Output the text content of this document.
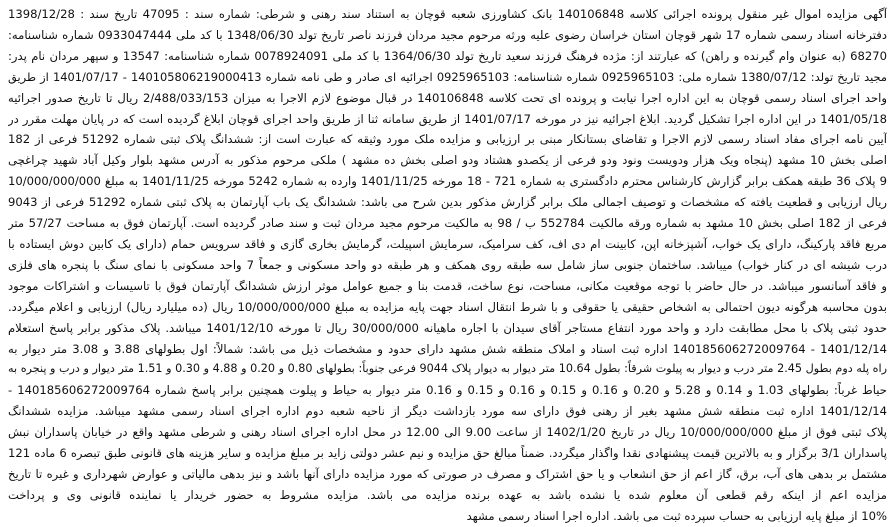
آگهی مزایده اموال غیر منقول پرونده اجرائی کلاسه 140106848 بانک کشاورزی شعبه قوچان به استناد سند رهنی و شرطی: شماره سند : 47095 تاریخ سند : 1398/12/28
دفترخانه اسناد رسمی شماره 17 شهر قوچان استان خراسان رضوی علیه ورثه مرحوم مجید مردان فرزند ناصر تاریخ تولد 1348/06/30 با کد ملی 0933047444 شماره شناسنامه:
68270 (به عنوان وام گیرنده و راهن) که عبارتند از: مژده فرهنگ فرزند سعید تاریخ تولد 1364/06/30 با کد ملی 0078924091 شماره شناسنامه: 13547 و سپهر مردان نام پدر:
مجید تاریخ تولد: 1380/07/12 شماره ملی: 0925965103 شماره شناسنامه: 0925965103 اجرائیه ای صادر و طی نامه شماره 140105806219000413 - 1401/07/17 از طریق
واحد اجرای اسناد رسمی قوچان به این اداره اجرا نیابت و پرونده ای تحت کلاسه 140106848 در قبال موضوع لازم الاجرا به میزان 2/488/033/153 ریال تا تاریخ صدور اجرائیه
1401/05/18 در این اداره اجرا تشکیل گردید. ابلاغ اجرائیه نیز در مورخه 1401/07/17 از طریق سامانه ثنا از طریق واحد اجرای قوچان ابلاغ گردیده است که در پایان مهلت مقرر در
آیین نامه اجرای مفاد اسناد رسمی لازم الاجرا و تقاضای بستانکار مبنی بر ارزیابی و مزایده ملک مورد وثیقه که عبارت است از: ششدانگ پلاک ثبتی شماره 51292 فرعی از 182
اصلی بخش 10 مشهد (پنجاه ویک هزار ودویست ونود ودو فرعی از یکصدو هشتاد ودو اصلی بخش ده مشهد ) ملکی مرحوم مذکور به آدرس مشهد بلوار وکیل آباد شهید چراغچی
9 پلاک 36 طبقه همکف برابر گزارش کارشناس محترم دادگستری به شماره 721 - 18 مورخه 1401/11/25 وارده به شماره 5242 مورخه 1401/11/25 به مبلغ 10/000/000/000
ریال ارزیابی و قطعیت یافته که مشخصات و توصیف اجمالی ملک برابر گزارش مذکور بدین شرح می باشد: ششدانگ یک باب آپارتمان به پلاک ثبتی شماره 51292 فرعی از 9043
فرعی از 182 اصلی بخش 10 مشهد به شماره ورقه مالکیت 552784 ب / 98 به مالکیت مرحوم مجید مردان ثبت و سند صادر گردیده است. آپارتمان فوق به مساحت 57/27 متر
مربع فاقد پارکینگ، دارای یک خواب، آشپزخانه اپن، کابینت ام دی اف، کف سرامیک، سرمایش اسپیلت، گرمایش بخاری گازی و فاقد سرویس حمام (دارای یک کابین دوش ایستاده با
درب شیشه ای در کنار خواب) میباشد. ساختمان جنوبی ساز شامل سه طبقه روی همکف و هر طبقه دو واحد مسکونی و جمعاً 7 واحد مسکونی با نمای سنگ با پنجره های فلزی
و فاقد آسانسور میباشد. در حال حاضر با توجه موقعیت مکانی، مساحت، نوع ساخت، قدمت بنا و جمیع عوامل موثر ارزش ششدانگ آپارتمان فوق با تاسیسات و اشتراکات موجود
بدون محاسبه هرگونه دیون احتمالی به اشخاص حقیقی یا حقوقی و با شرط انتقال اسناد جهت پایه مزایده به مبلغ 10/000/000/000 ریال (ده میلیارد ریال) ارزیابی و اعلام میگردد.
حدود ثبتی پلاک با محل مطابقت دارد و واحد مورد انتفاع مستاجر آقای سیدان با اجاره ماهیانه 30/000/000 ریال تا مورخه 1401/12/10 میباشد. پلاک مذکور برابر پاسخ استعلام
1401/12/14 - 140185606272009764 اداره ثبت اسناد و املاک منطقه شش مشهد دارای حدود و مشخصات ذیل می باشد: شمالاً: اول بطولهای 3.88 و 3.08 متر دیوار به
راه پله دوم بطول 2.45 متر درب و دیوار به پیلوت شرقاً: بطول 10.64 متر دیوار به دیوار پلاک 9044 فرعی جنوباً: بطولهای 0.80 و 0.20 و 4.88 و 0.30 و 1.51 متر دیوار و درب و پنجره به
حیاط غرباً: بطولهای 1.03 و 0.14 و 5.28 و 0.20 و 0.16 و 0.15 و 0.16 و 0.15 و 0.16 متر دیوار به حیاط و پیلوت همچنین برابر پاسخ شماره 140185606272009764 -
1401/12/14 اداره ثبت منطقه شش مشهد بغیر از رهنی فوق دارای سه مورد بازداشت دیگر از ناحیه شعبه دوم اداره اجرای اسناد رسمی مشهد میباشد. مزایده ششدانگ
پلاک ثبتی فوق از مبلغ 10/000/000/000 ریال در تاریخ 1402/1/20 از ساعت 9.00 الی 12.00 در محل اداره اجرای اسناد رهنی و شرطی مشهد واقع در خیابان پاسداران نبش
پاسداران 3/1 برگزار و به بالاترین قیمت پیشنهادی نقدا واگذار میگردد. ضمناً مبالغ حق مزایده و نیم عشر دولتی زاید بر مبلغ مزایده و سایر هزینه های قانونی طبق تبصره 6 ماده 121
مشتمل بر بدهی های آب، برق، گاز اعم از حق انشعاب و یا حق اشتراک و مصرف در صورتی که مورد مزایده دارای آنها باشد و نیز بدهی مالیاتی و عوارض شهرداری و غیره تا تاریخ
مزایده اعم از اینکه رقم قطعی آن معلوم شده یا نشده باشد به عهده برنده مزایده می باشد. مزایده مشروط به حضور خریدار یا نماینده قانونی وی و پرداخت
10% از مبلغ پایه ارزیابی به حساب سپرده ثبت می باشد. اداره اجرا اسناد رسمی مشهد
